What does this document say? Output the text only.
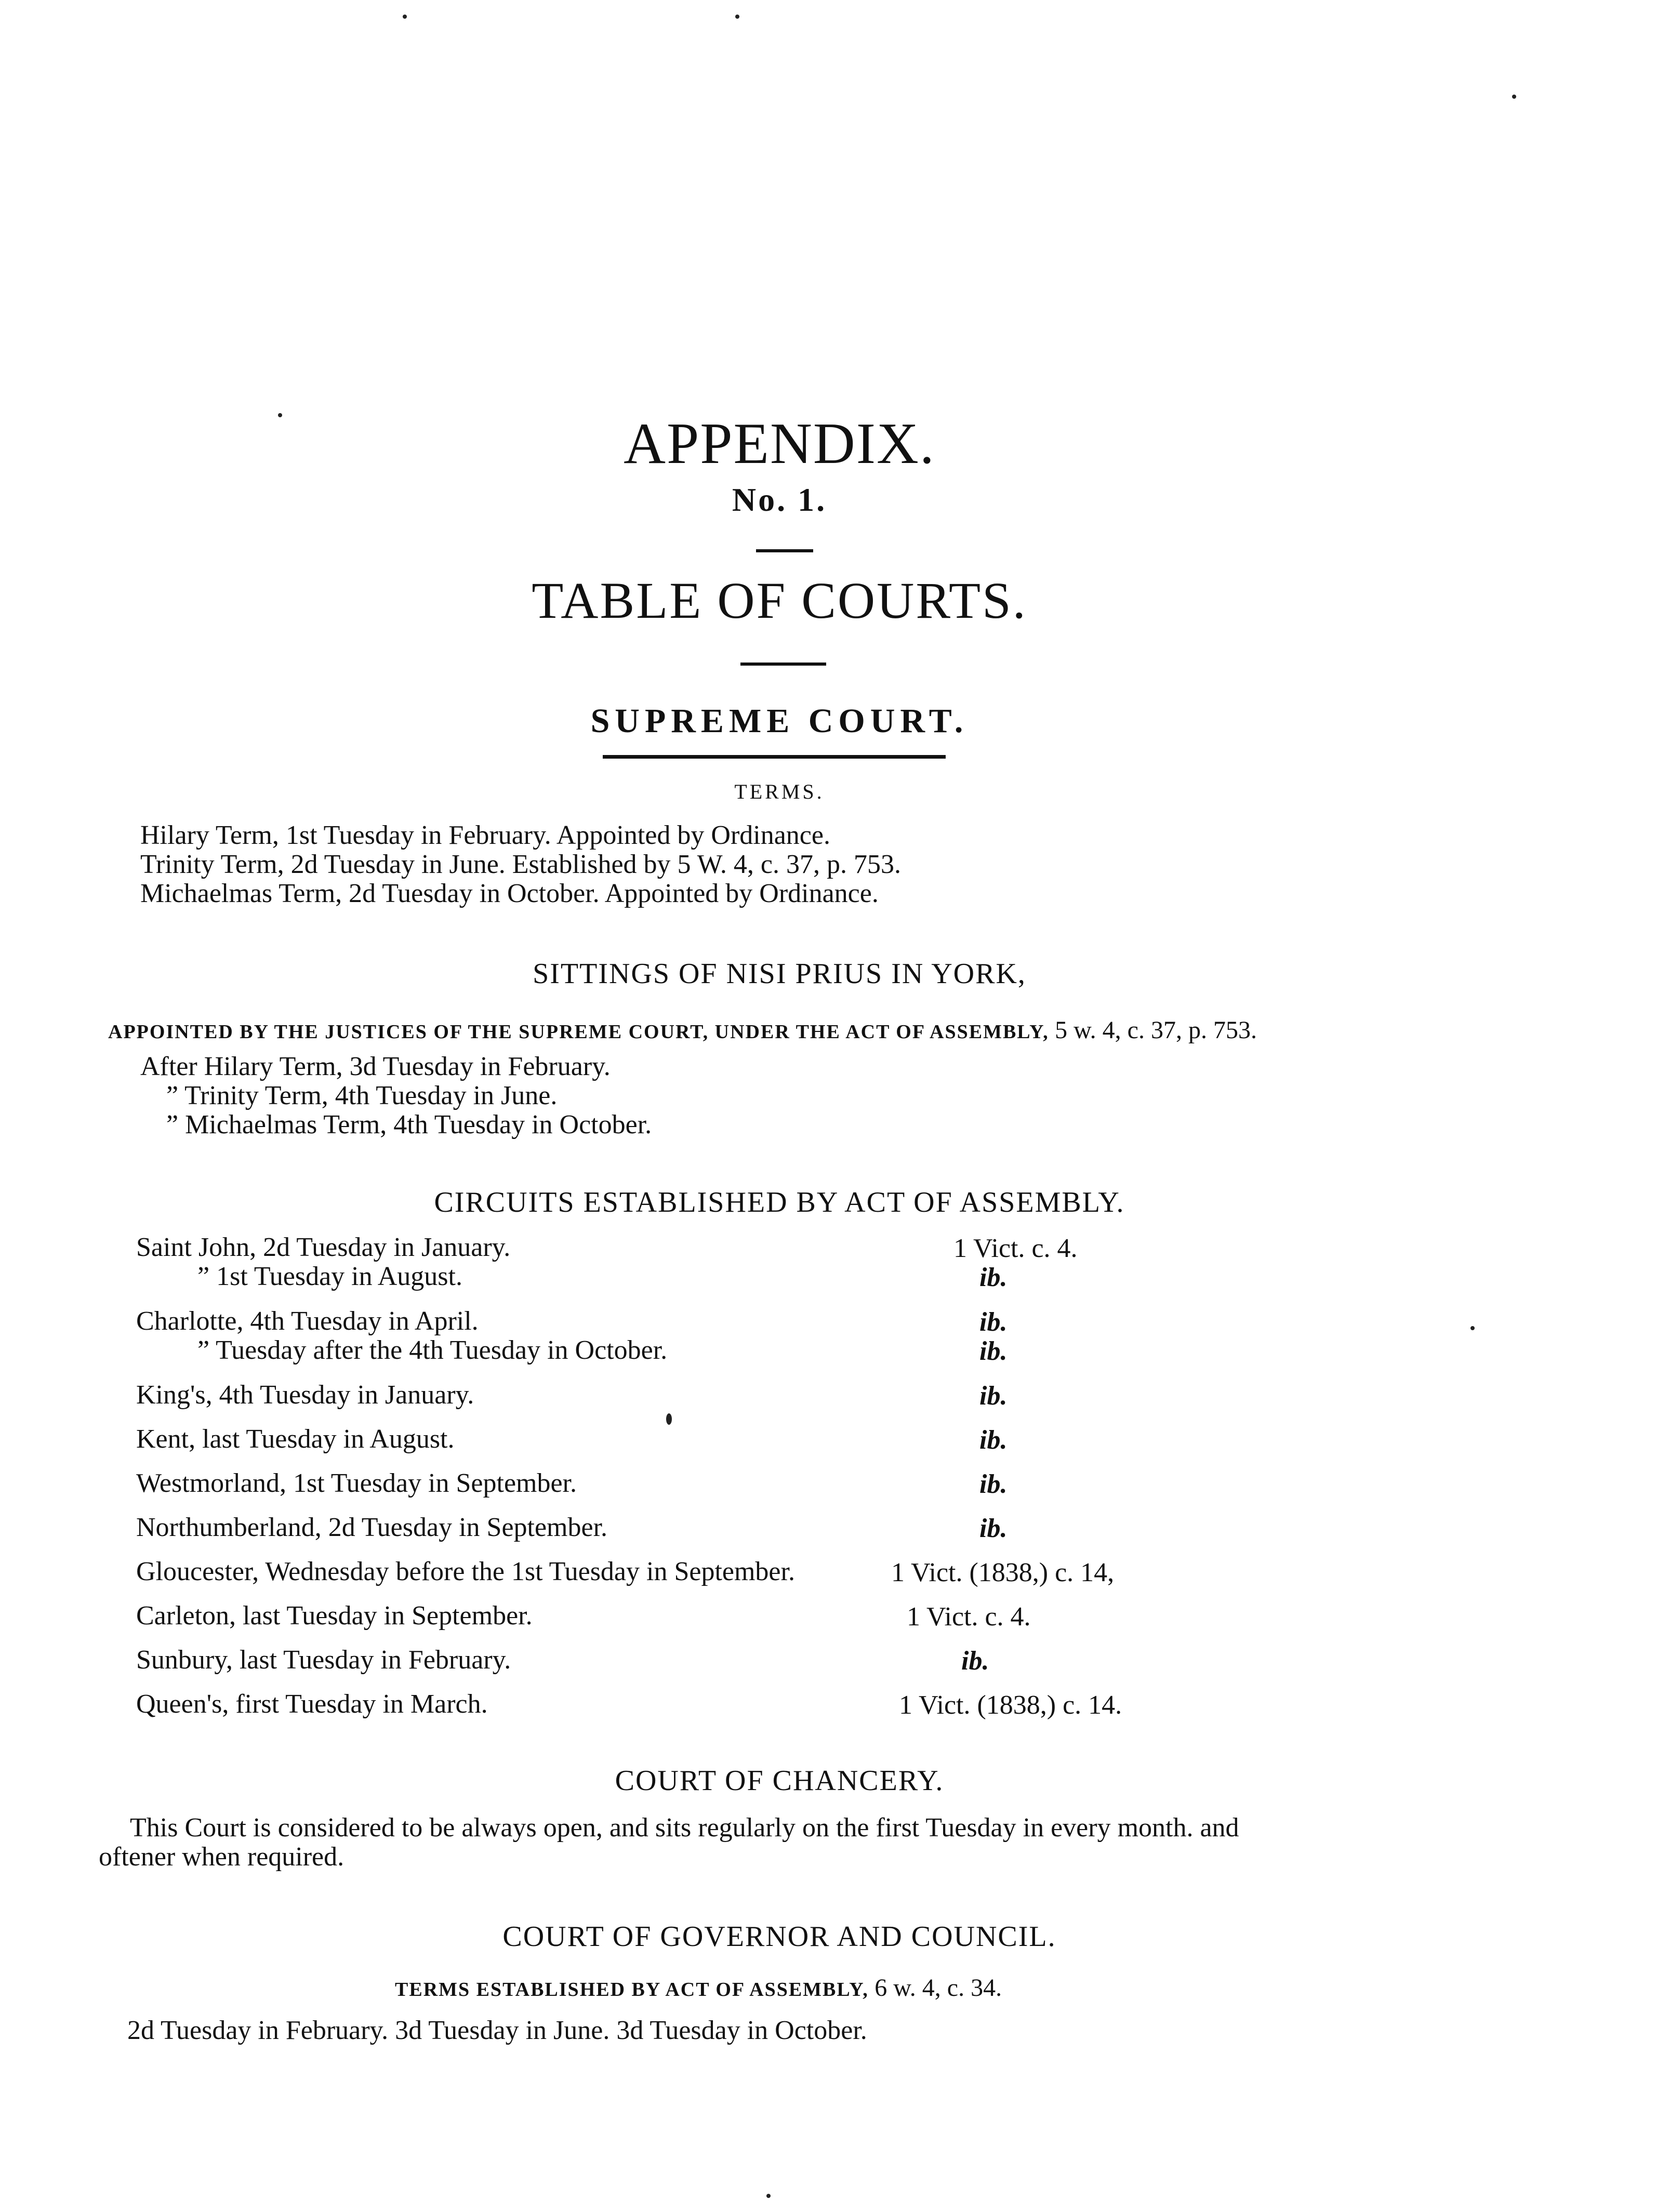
APPENDIX.
No. 1.
TABLE OF COURTS.
SUPREME COURT.
TERMS.
Hilary Term, 1st Tuesday in February. Appointed by Ordinance.
Trinity Term, 2d Tuesday in June. Established by 5 W. 4, c. 37, p. 753.
Michaelmas Term, 2d Tuesday in October. Appointed by Ordinance.
SITTINGS OF NISI PRIUS IN YORK,
APPOINTED BY THE JUSTICES OF THE SUPREME COURT, UNDER THE ACT OF ASSEMBLY, 5 w. 4, c. 37, p. 753.
After Hilary Term, 3d Tuesday in February.
” Trinity Term, 4th Tuesday in June.
” Michaelmas Term, 4th Tuesday in October.
CIRCUITS ESTABLISHED BY ACT OF ASSEMBLY.
Saint John, 2d Tuesday in January.	1 Vict. c. 4.
” 1st Tuesday in August.	ib.
Charlotte, 4th Tuesday in April.	ib.
” Tuesday after the 4th Tuesday in October.	ib.
King's, 4th Tuesday in January.	ib.
Kent, last Tuesday in August.	ib.
Westmorland, 1st Tuesday in September.	ib.
Northumberland, 2d Tuesday in September.	ib.
Gloucester, Wednesday before the 1st Tuesday in September.	1 Vict. (1838,) c. 14,
Carleton, last Tuesday in September.	1 Vict. c. 4.
Sunbury, last Tuesday in February.	ib.
Queen's, first Tuesday in March.	1 Vict. (1838,) c. 14.
COURT OF CHANCERY.
This Court is considered to be always open, and sits regularly on the first Tuesday in every month. and
oftener when required.
COURT OF GOVERNOR AND COUNCIL.
TERMS ESTABLISHED BY ACT OF ASSEMBLY, 6 w. 4, c. 34.
2d Tuesday in February. 3d Tuesday in June. 3d Tuesday in October.
